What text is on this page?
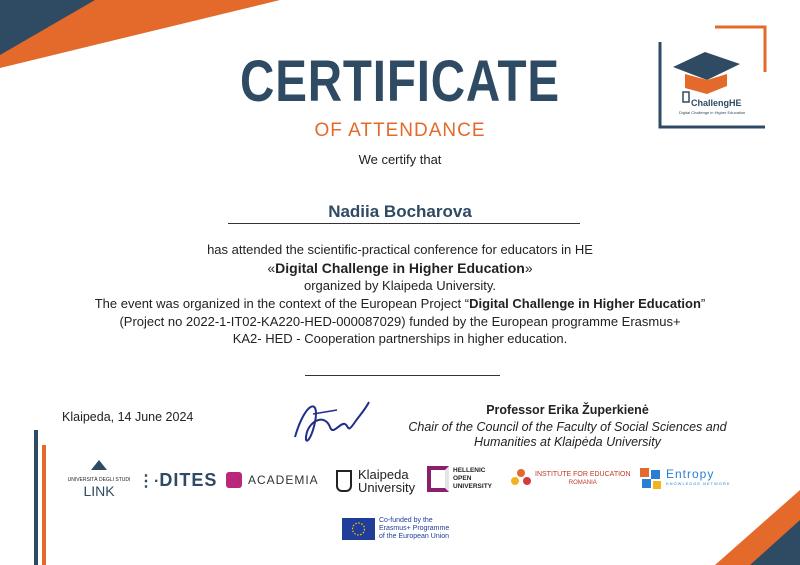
ChallengHE
Digital Challenge in Higher Education
CERTIFICATE
OF ATTENDANCE
We certify that
Nadiia Bocharova
has attended the scientific-practical conference for educators in HE
«Digital Challenge in Higher Education»
organized by Klaipeda University.
The event was organized in the context of the European Project “Digital Challenge in Higher Education”
(Project no 2022-1-IT02-KA220-HED-000087029) funded by the European programme Erasmus+
KA2- HED - Cooperation partnerships in higher education.
Klaipeda, 14 June 2024	Professor Erika Župerkienė
Chair of the Council of the Faculty of Social Sciences and
Humanities at Klaipėda University
UNIVERSITÀ DEGLI STUDI
LINK
⋮·DITES	ACADEMIA	Klaipeda
University
HELLENIC
OPEN
UNIVERSITY
INSTITUTE FOR EDUCATION
ROMANIA
Entropy
KNOWLEDGE NETWORK
Co-funded by the
Erasmus+ Programme
of the European Union
